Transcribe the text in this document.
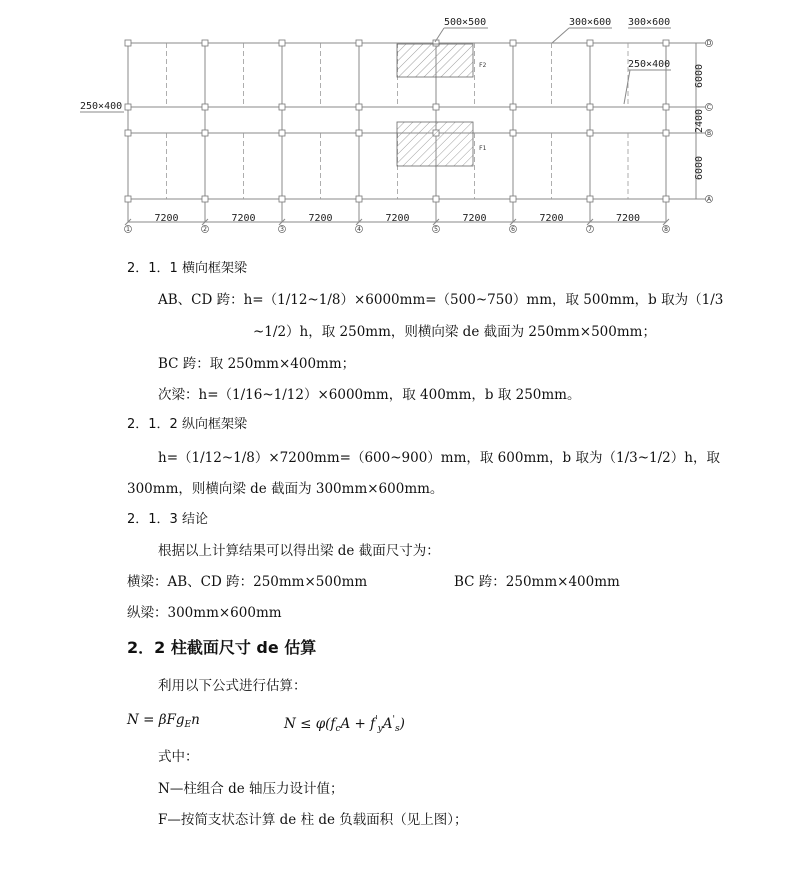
F2
F1
500×500	300×600 300×600
250×400
250×400
6000
2400
6000
7200	7200	7200	7200	7200	7200	7200
1	2	3	4	5	6	7	8
D
C
B
A
2．1．1 横向框架梁
AB、CD 跨：h=（1/12~1/8）×6000mm=（500~750）mm，取 500mm，b 取为（1/3
~1/2）h，取 250mm，则横向梁 de 截面为 250mm×500mm；
BC 跨：取 250mm×400mm；
次梁：h=（1/16~1/12）×6000mm，取 400mm，b 取 250mm。
2．1．2 纵向框架梁
h=（1/12~1/8）×7200mm=（600~900）mm，取 600mm，b 取为（1/3~1/2）h，取
300mm，则横向梁 de 截面为 300mm×600mm。
2．1．3 结论
根据以上计算结果可以得出梁 de 截面尺寸为：
横梁：AB、CD 跨：250mm×500mm	BC 跨：250mm×400mm
纵梁：300mm×600mm
2．2 柱截面尺寸 de 估算
利用以下公式进行估算：
N = βFg$_E$n	$N \le \varphi(f_cA + f'_yA'_s)$
式中：
N—柱组合 de 轴压力设计值；
F—按简支状态计算 de 柱 de 负载面积（见上图）；
